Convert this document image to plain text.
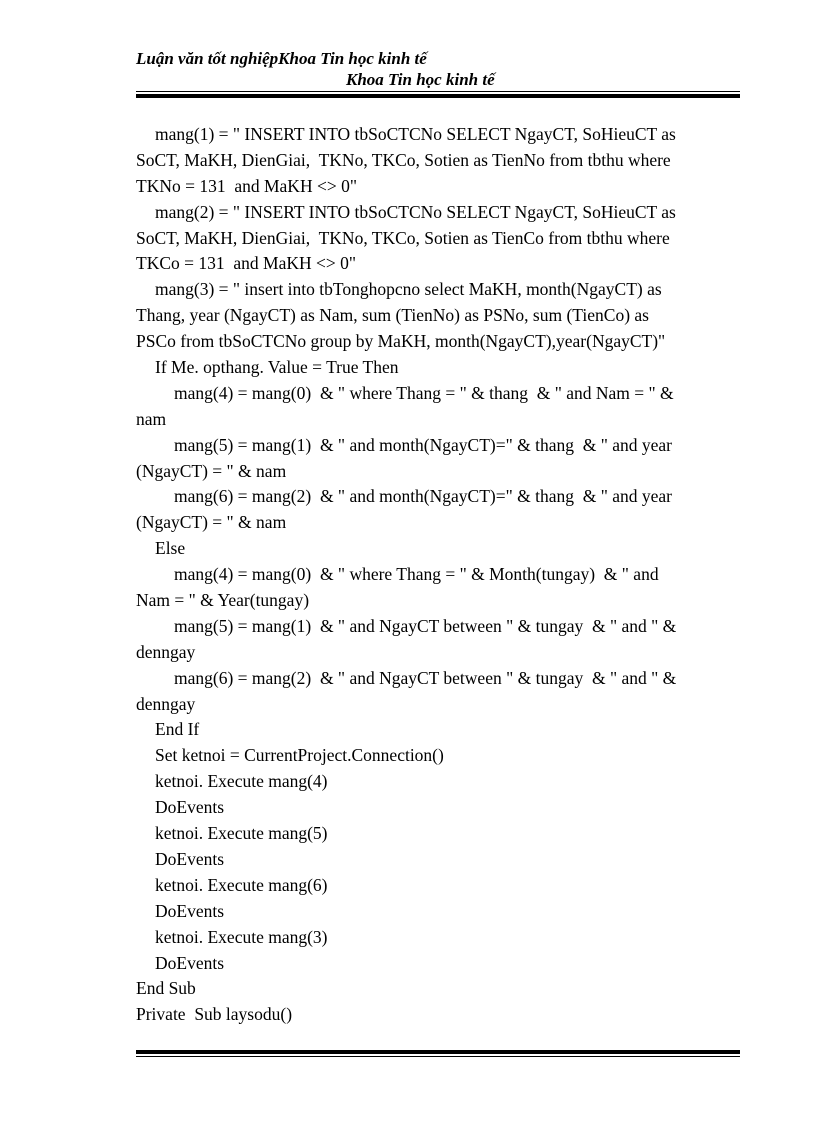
Luận văn tốt nghiệpKhoa Tin học kinh tế
Khoa Tin học kinh tế
mang(1) = " INSERT INTO tbSoCTCNo SELECT NgayCT, SoHieuCT as
SoCT, MaKH, DienGiai,  TKNo, TKCo, Sotien as TienNo from tbthu where
TKNo = 131  and MaKH <> 0"
mang(2) = " INSERT INTO tbSoCTCNo SELECT NgayCT, SoHieuCT as
SoCT, MaKH, DienGiai,  TKNo, TKCo, Sotien as TienCo from tbthu where
TKCo = 131  and MaKH <> 0"
mang(3) = " insert into tbTonghopcno select MaKH, month(NgayCT) as
Thang, year (NgayCT) as Nam, sum (TienNo) as PSNo, sum (TienCo) as
PSCo from tbSoCTCNo group by MaKH, month(NgayCT),year(NgayCT)"
If Me. opthang. Value = True Then
mang(4) = mang(0)  & " where Thang = " & thang  & " and Nam = " &
nam
mang(5) = mang(1)  & " and month(NgayCT)=" & thang  & " and year
(NgayCT) = " & nam
mang(6) = mang(2)  & " and month(NgayCT)=" & thang  & " and year
(NgayCT) = " & nam
Else
mang(4) = mang(0)  & " where Thang = " & Month(tungay)  & " and
Nam = " & Year(tungay)
mang(5) = mang(1)  & " and NgayCT between " & tungay  & " and " &
denngay
mang(6) = mang(2)  & " and NgayCT between " & tungay  & " and " &
denngay
End If
Set ketnoi = CurrentProject.Connection()
ketnoi. Execute mang(4)
DoEvents
ketnoi. Execute mang(5)
DoEvents
ketnoi. Execute mang(6)
DoEvents
ketnoi. Execute mang(3)
DoEvents
End Sub
Private  Sub laysodu()
